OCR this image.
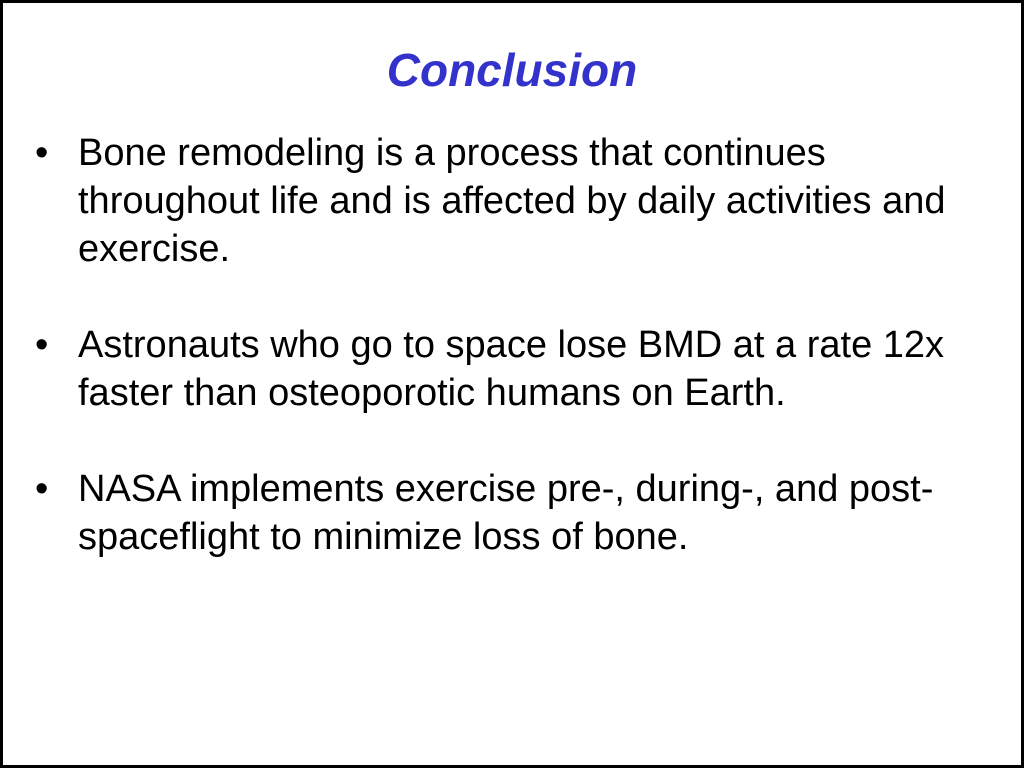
Conclusion
• Bone remodeling is a process that continues throughout life and is affected by daily activities and exercise.
• Astronauts who go to space lose BMD at a rate 12x faster than osteoporotic humans on Earth.
• NASA implements exercise pre-, during-, and post-spaceflight to minimize loss of bone.
